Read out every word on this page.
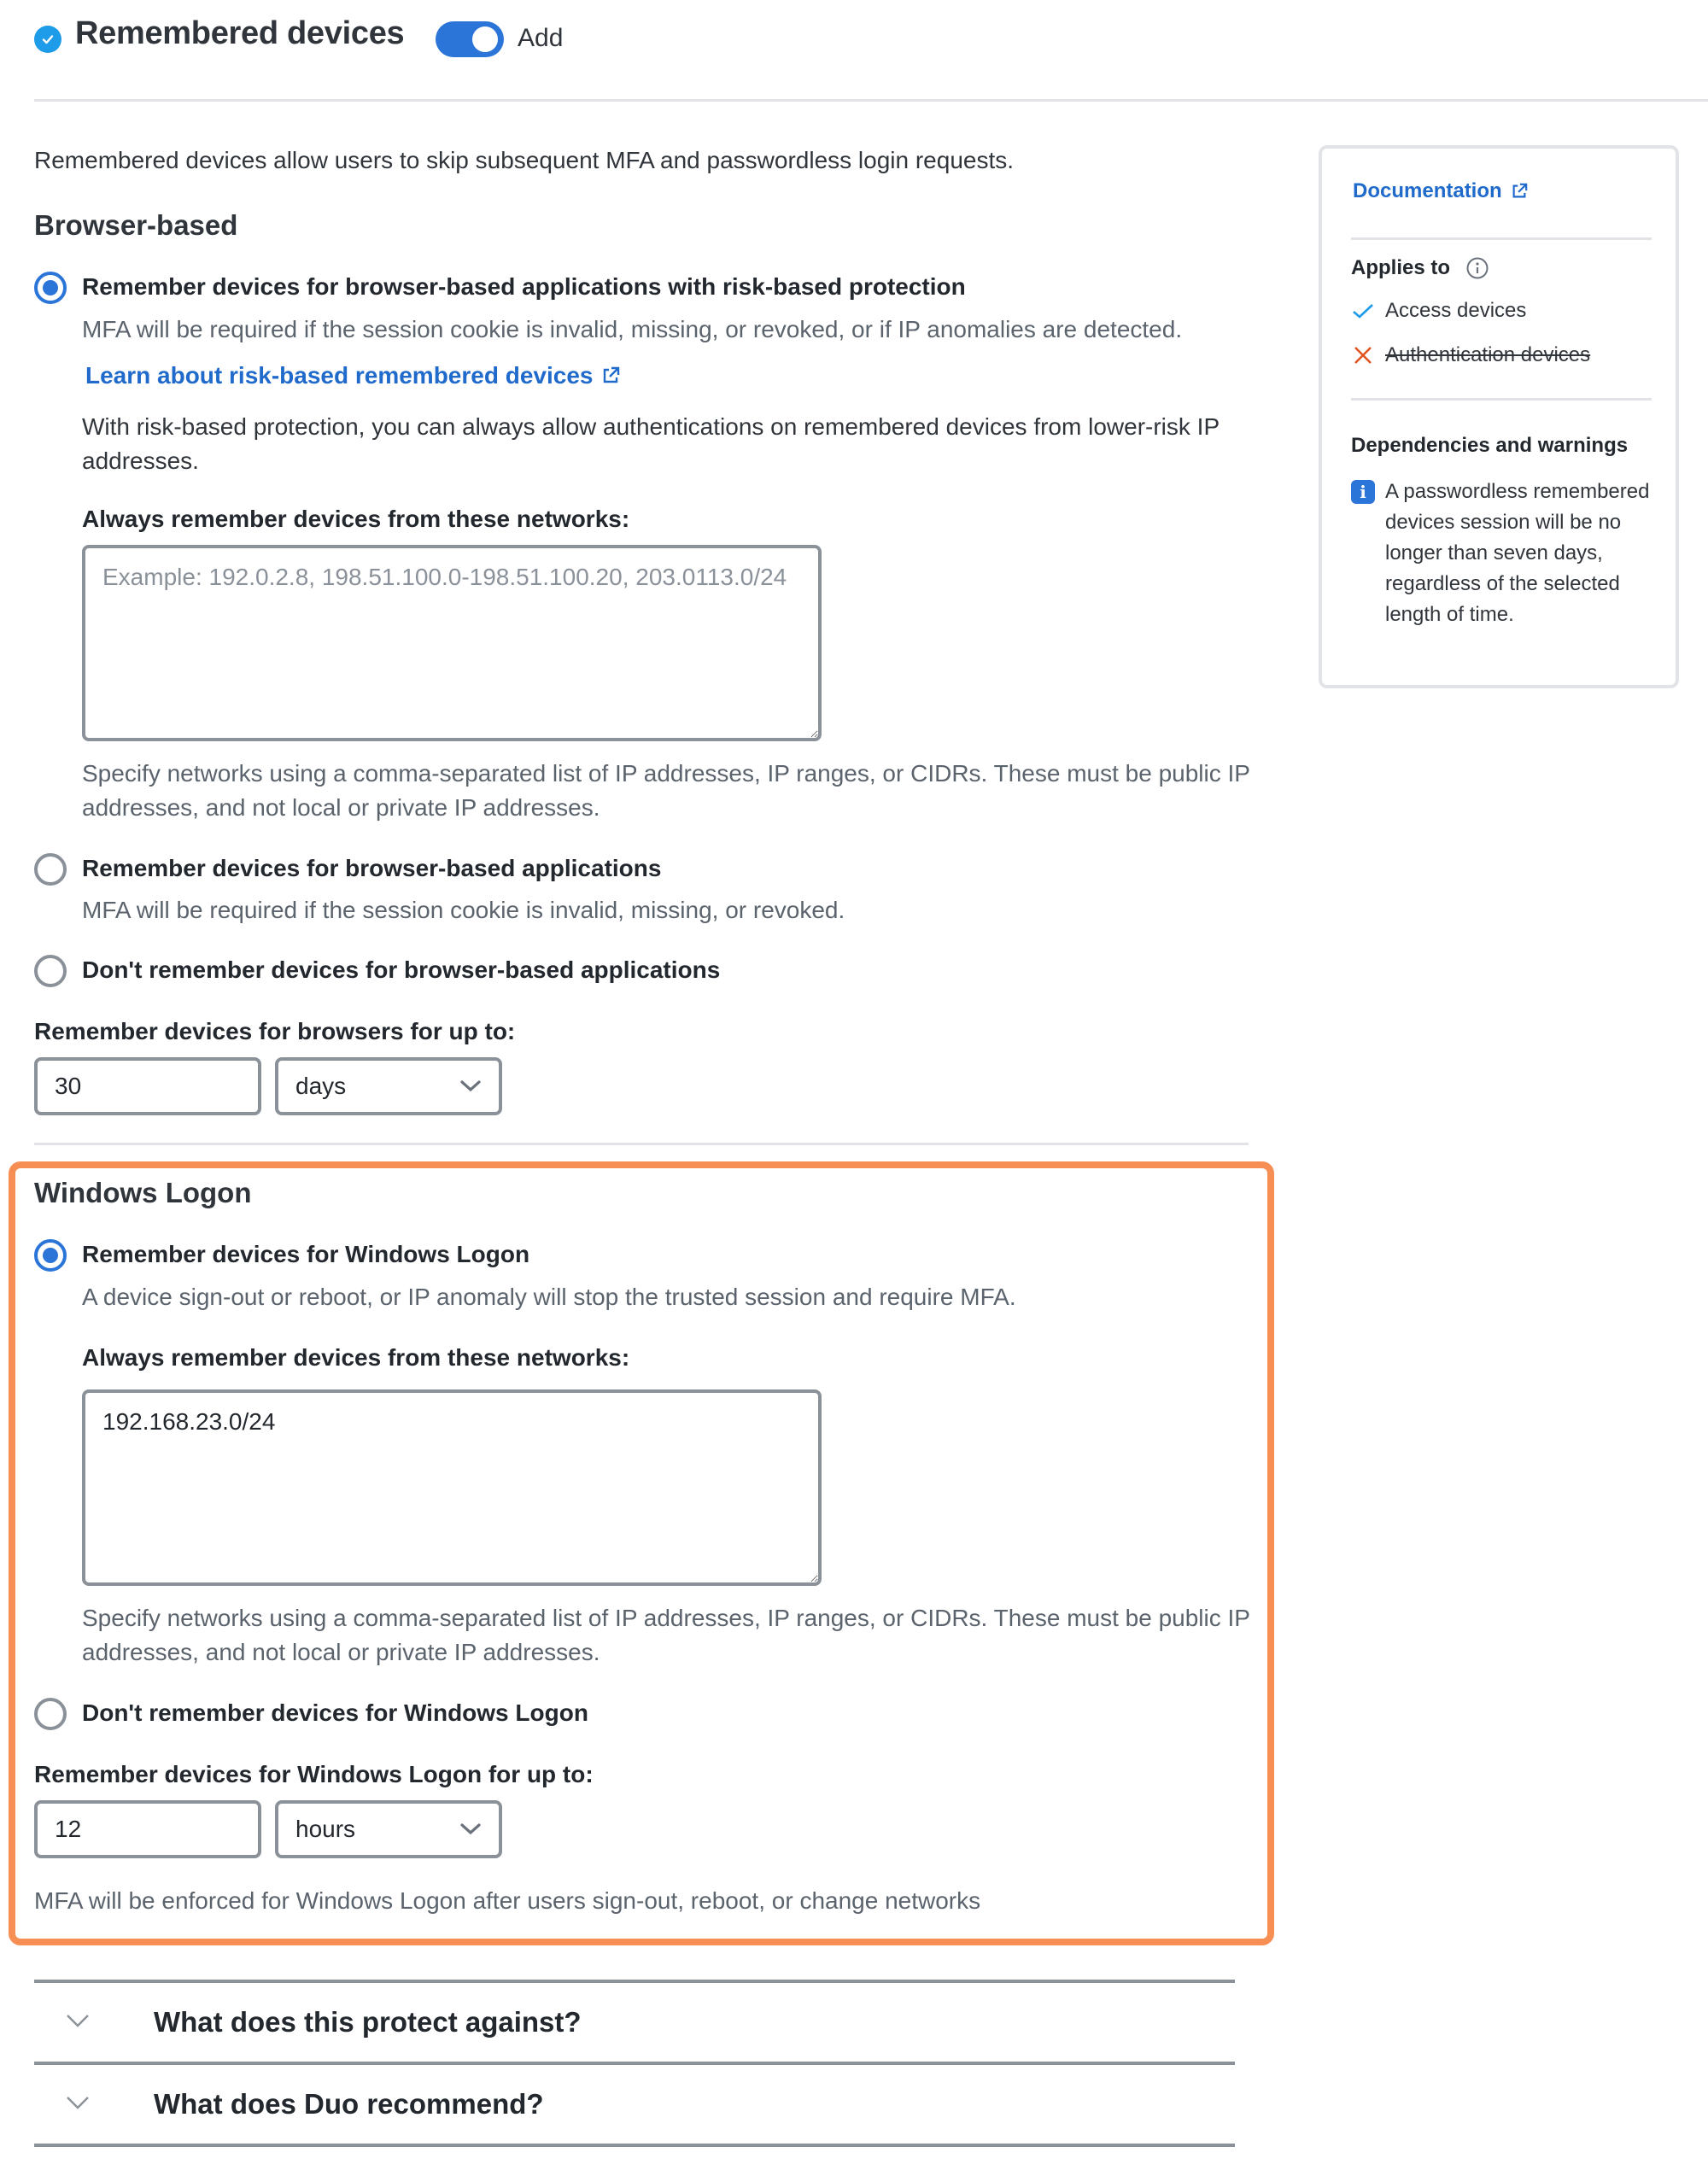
Remembered devices	Add
Remembered devices allow users to skip subsequent MFA and passwordless login requests.
Browser-based
Remember devices for browser-based applications with risk-based protection
MFA will be required if the session cookie is invalid, missing, or revoked, or if IP anomalies are detected.
Learn about risk-based remembered devices
With risk-based protection, you can always allow authentications on remembered devices from lower-risk IP addresses.
Always remember devices from these networks:
Example: 192.0.2.8, 198.51.100.0-198.51.100.20, 203.0113.0/24
Specify networks using a comma-separated list of IP addresses, IP ranges, or CIDRs. These must be public IP addresses, and not local or private IP addresses.
Remember devices for browser-based applications
MFA will be required if the session cookie is invalid, missing, or revoked.
Don't remember devices for browser-based applications
Remember devices for browsers for up to:
30
days
Windows Logon
Remember devices for Windows Logon
A device sign-out or reboot, or IP anomaly will stop the trusted session and require MFA.
Always remember devices from these networks:
192.168.23.0/24
Specify networks using a comma-separated list of IP addresses, IP ranges, or CIDRs. These must be public IP addresses, and not local or private IP addresses.
Don't remember devices for Windows Logon
Remember devices for Windows Logon for up to:
12
hours
MFA will be enforced for Windows Logon after users sign-out, reboot, or change networks
What does this protect against?
What does Duo recommend?
Documentation
Applies to
Access devices
Authentication devices
Dependencies and warnings
i A passwordless remembered devices session will be no longer than seven days, regardless of the selected length of time.
